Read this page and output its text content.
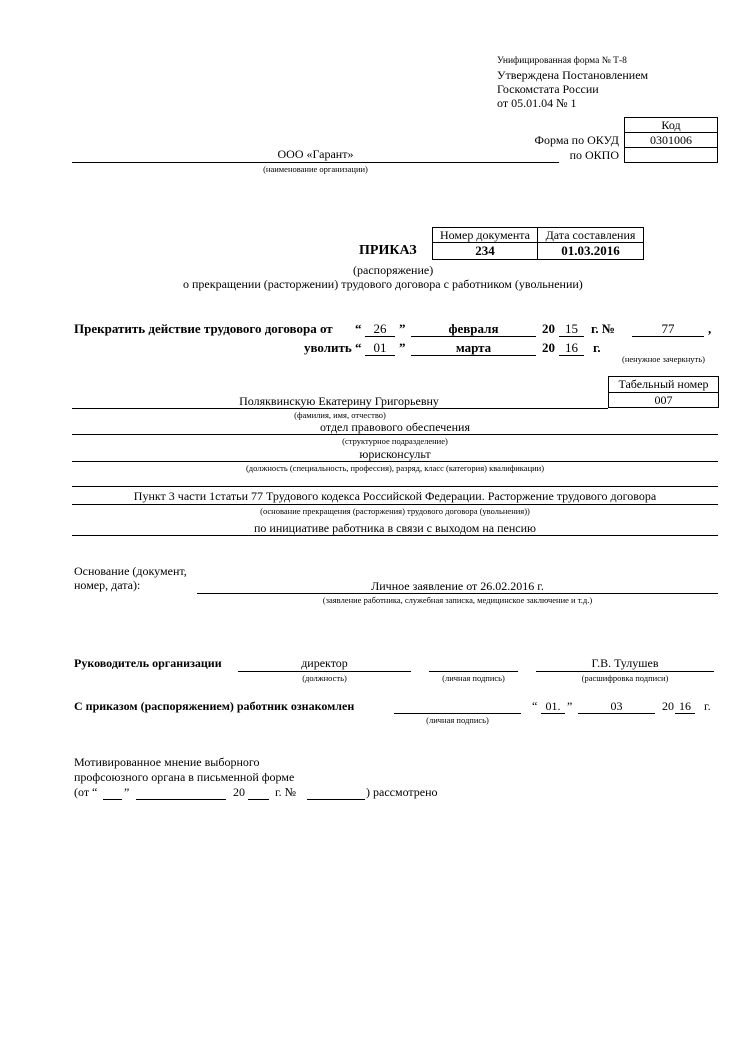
Унифицированная форма № Т-8
Утверждена Постановлением
Госкомстата России
от 05.01.04 № 1
Код
Форма по ОКУД	0301006
по ОКПО
ООО «Гарант»
(наименование организации)
Номер документа	Дата составления
234	01.03.2016
ПРИКАЗ
(распоряжение)
о прекращении (расторжении) трудового договора с работником (увольнении)
Прекратить действие трудового договора от “ 26 ”	февраля	20 15	г. №	77	,
уволить “ 01 ”	марта	20 16	г.
(ненужное зачеркнуть)
Табельный номер
007
Поляквинскую Екатерину Григорьевну
(фамилия, имя, отчество)
отдел правового обеспечения
(структурное подразделение)
юрисконсульт
(должность (специальность, профессия), разряд, класс (категория) квалификации)
Пункт 3 части 1статьи 77 Трудового кодекса Российской Федерации. Расторжение трудового договора
(основание прекращения (расторжения) трудового договора (увольнения))
по инициативе работника в связи с выходом на пенсию
Основание (документ,
номер, дата):	Личное заявление от 26.02.2016 г.
(заявление работника, служебная записка, медицинское заключение и т.д.)
Руководитель организации	директор
(должность)	(личная подпись)
Г.В. Тулушев
(расшифровка подписи)
С приказом (распоряжением) работник ознакомлен
(личная подпись)
“ 01. ”	03	20 16	г.
Мотивированное мнение выборного
профсоюзного органа в письменной форме
(от “ ”	20	г. №	) рассмотрено
